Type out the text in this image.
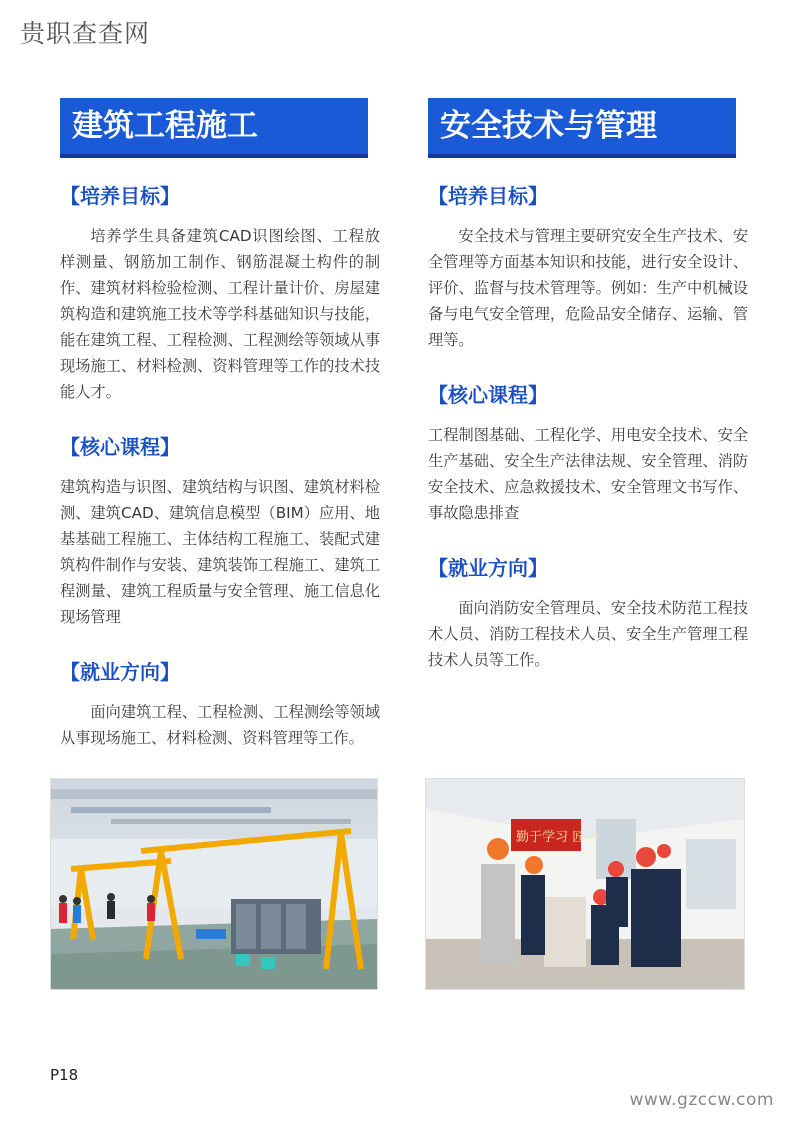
贵职查查网
建筑工程施工
【培养目标】

培养学生具备建筑CAD识图绘图、工程放样测量、钢筋加工制作、钢筋混凝土构件的制作、建筑材料检验检测、工程计量计价、房屋建筑构造和建筑施工技术等学科基础知识与技能，能在建筑工程、工程检测、工程测绘等领域从事现场施工、材料检测、资料管理等工作的技术技能人才。

【核心课程】

建筑构造与识图、建筑结构与识图、建筑材料检测、建筑CAD、建筑信息模型（BIM）应用、地基基础工程施工、主体结构工程施工、装配式建筑构件制作与安装、建筑装饰工程施工、建筑工程测量、建筑工程质量与安全管理、施工信息化现场管理

【就业方向】

面向建筑工程、工程检测、工程测绘等领域从事现场施工、材料检测、资料管理等工作。

安全技术与管理
【培养目标】

安全技术与管理主要研究安全生产技术、安全管理等方面基本知识和技能，进行安全设计、评价、监督与技术管理等。例如：生产中机械设备与电气安全管理，危险品安全储存、运输、管理等。

【核心课程】

工程制图基础、工程化学、用电安全技术、安全生产基础、安全生产法律法规、安全管理、消防安全技术、应急救援技术、安全管理文书写作、事故隐患排查

【就业方向】

面向消防安全管理员、安全技术防范工程技术人员、消防工程技术人员、安全生产管理工程技术人员等工作。

勤于学习 匠心
P18
www.gzccw.com
